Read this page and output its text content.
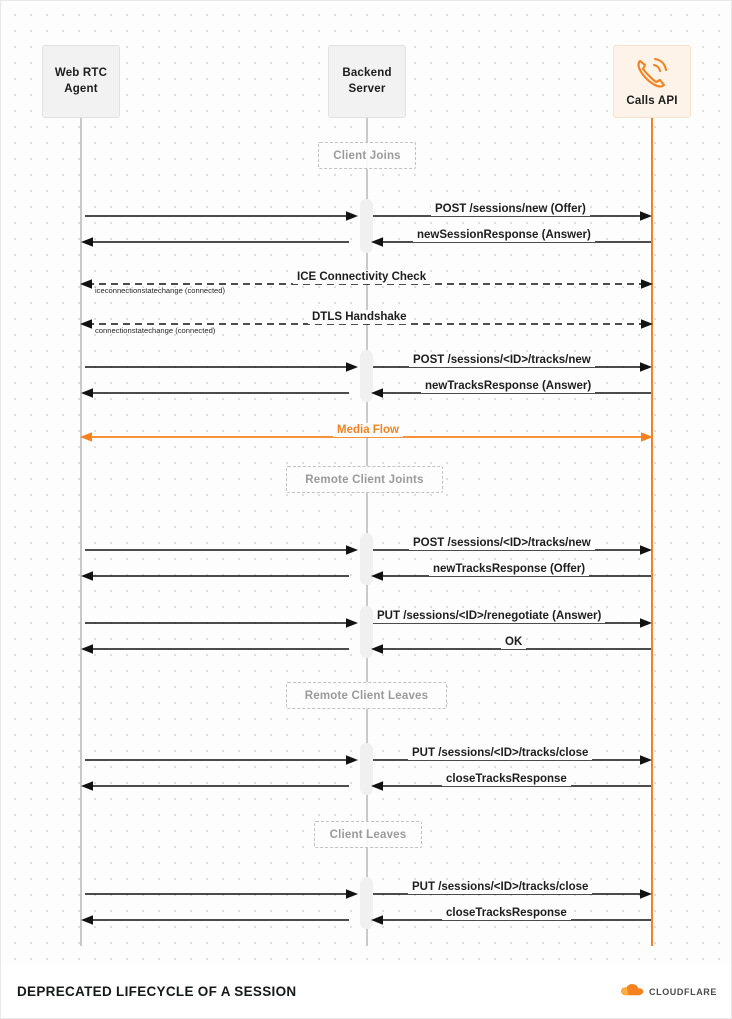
Web RTC
Agent
Backend
Server
Calls API
Client Joins
Remote Client Joints
Remote Client Leaves
Client Leaves
POST /sessions/new (Offer)
newSessionResponse (Answer)
ICE Connectivity Check
iceconnectionstatechange (connected)
DTLS Handshake
connectionstatechange (connected)
POST /sessions/<ID>/tracks/new
newTracksResponse (Answer)
Media Flow
POST /sessions/<ID>/tracks/new
newTracksResponse (Offer)
PUT /sessions/<ID>/renegotiate (Answer)
OK
PUT /sessions/<ID>/tracks/close
closeTracksResponse
PUT /sessions/<ID>/tracks/close
closeTracksResponse
DEPRECATED LIFECYCLE OF A SESSION	CLOUDFLARE
